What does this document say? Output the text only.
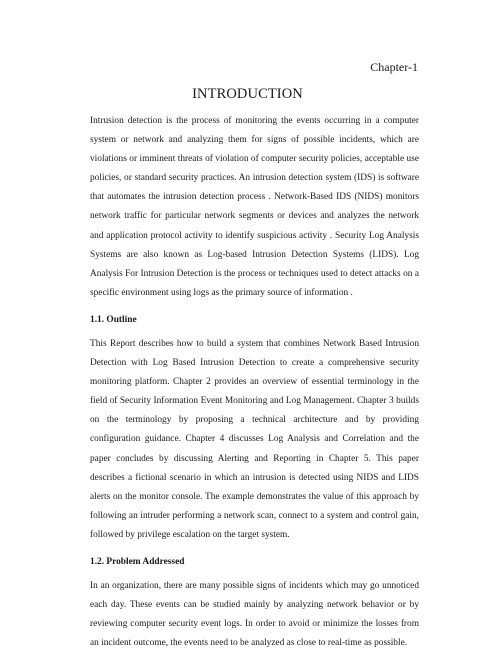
Chapter-1
INTRODUCTION

Intrusion detection is the process of monitoring the events occurring in a computer system or network and analyzing them for signs of possible incidents, which are violations or imminent threats of violation of computer security policies, acceptable use policies, or standard security practices. An intrusion detection system (IDS) is software that automates the intrusion detection process . Network-Based IDS (NIDS) monitors network traffic for particular network segments or devices and analyzes the network and application protocol activity to identify suspicious activity . Security Log Analysis Systems are also known as Log-based Intrusion Detection Systems (LIDS). Log Analysis For Intrusion Detection is the process or techniques used to detect attacks on a specific environment using logs as the primary source of information .

1.1. Outline

This Report describes how to build a system that combines Network Based Intrusion Detection with Log Based Intrusion Detection to create a comprehensive security monitoring platform. Chapter 2 provides an overview of essential terminology in the field of Security Information Event Monitoring and Log Management. Chapter 3 builds on the terminology by proposing a technical architecture and by providing configuration guidance. Chapter 4 discusses Log Analysis and Correlation and the paper concludes by discussing Alerting and Reporting in Chapter 5. This paper describes a fictional scenario in which an intrusion is detected using NIDS and LIDS alerts on the monitor console. The example demonstrates the value of this approach by following an intruder performing a network scan, connect to a system and control gain, followed by privilege escalation on the target system.

1.2. Problem Addressed

In an organization, there are many possible signs of incidents which may go unnoticed each day. These events can be studied mainly by analyzing network behavior or by reviewing computer security event logs. In order to avoid or minimize the losses from an incident outcome, the events need to be analyzed as close to real-time as possible.
